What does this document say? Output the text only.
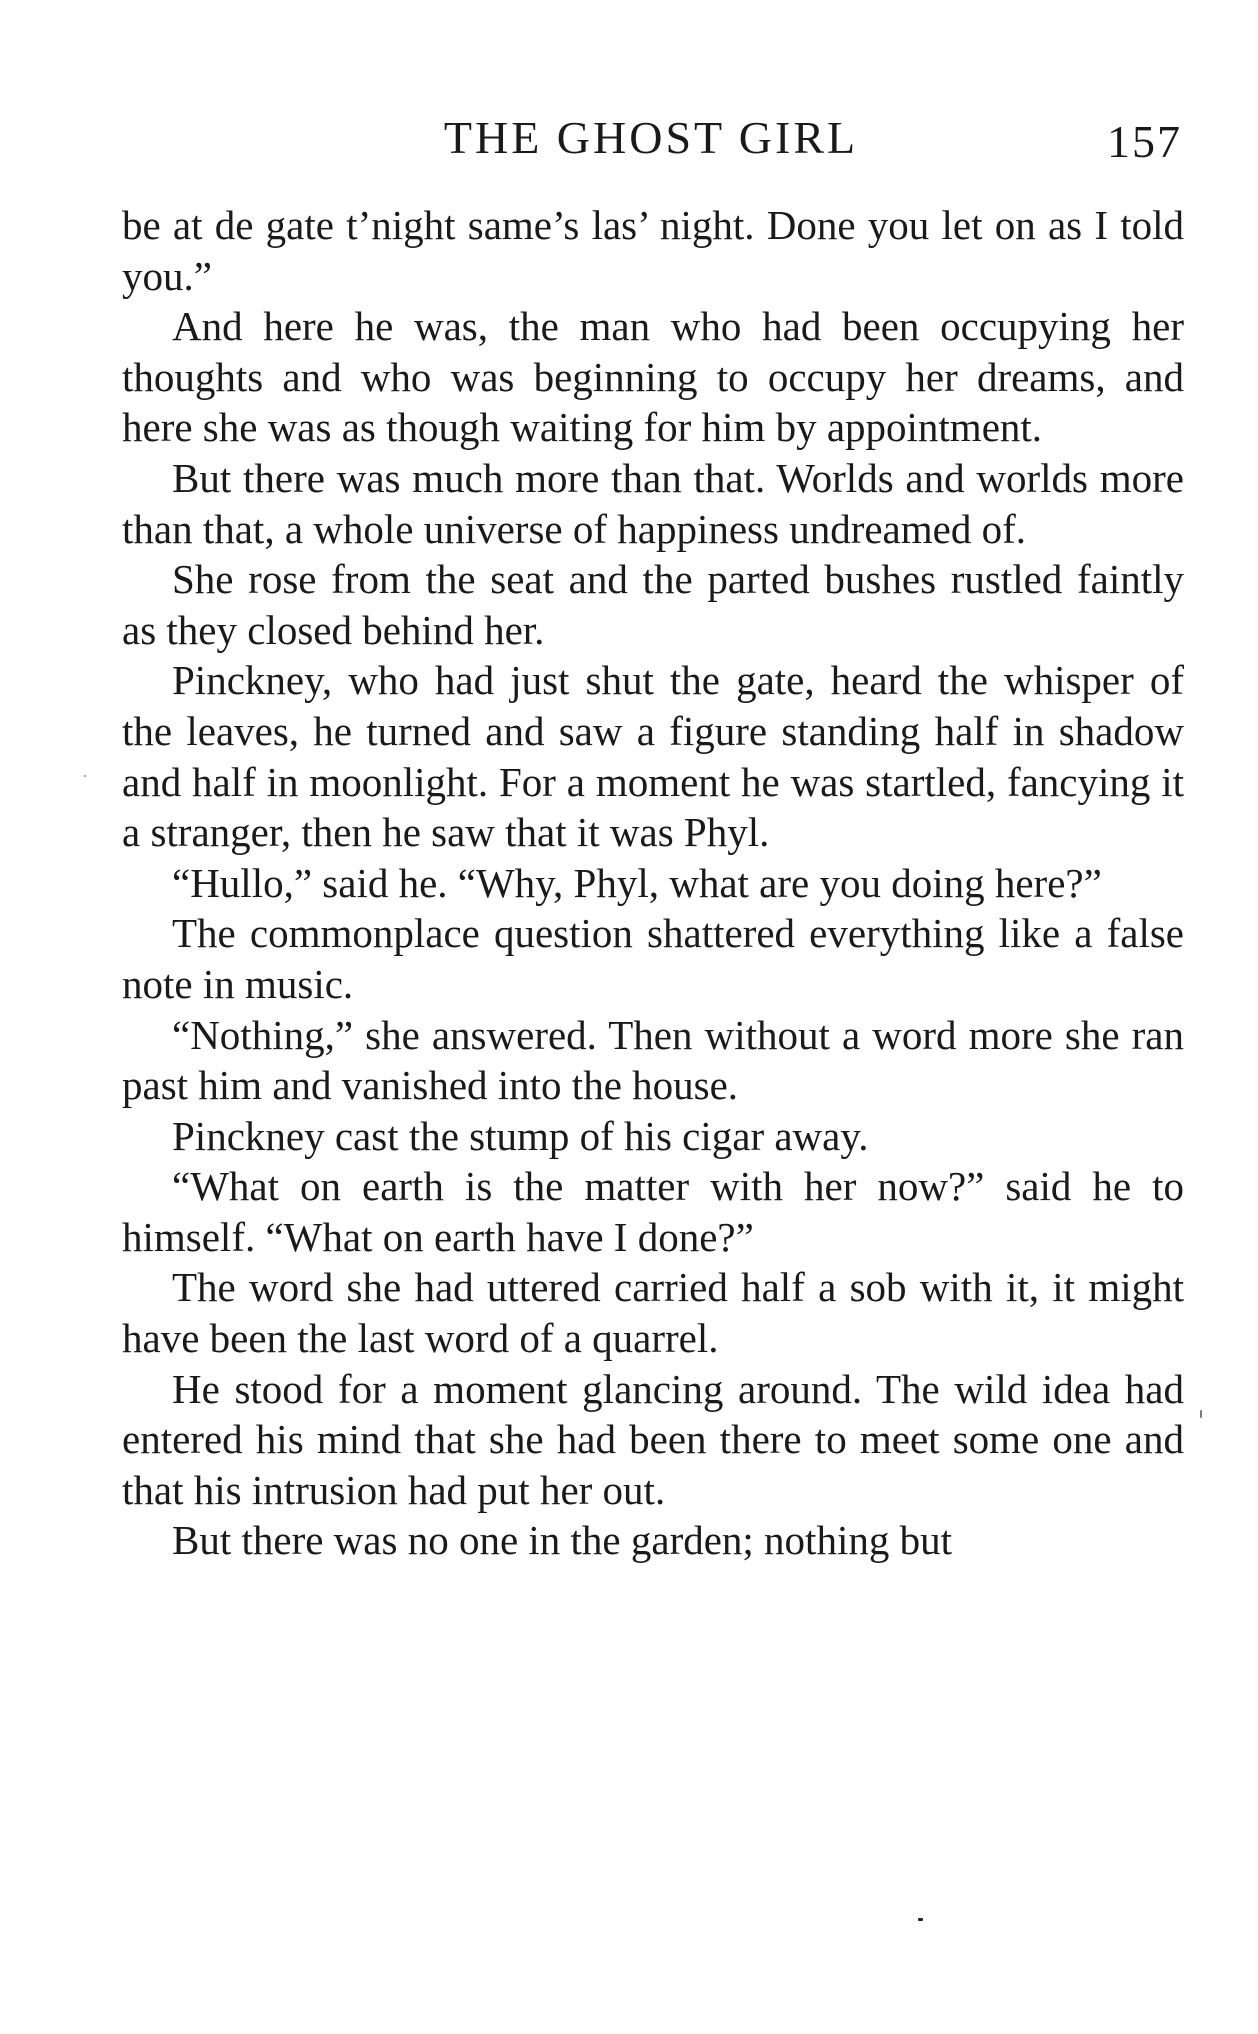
THE GHOST GIRL	157

be at de gate t’night same’s las’ night. Done you let on as I told you.”

And here he was, the man who had been occupying her thoughts and who was beginning to occupy her dreams, and here she was as though waiting for him by appointment.

But there was much more than that. Worlds and worlds more than that, a whole universe of happiness undreamed of.

She rose from the seat and the parted bushes rustled faintly as they closed behind her.

Pinckney, who had just shut the gate, heard the whisper of the leaves, he turned and saw a figure standing half in shadow and half in moonlight. For a moment he was startled, fancying it a stranger, then he saw that it was Phyl.

“Hullo,” said he. “Why, Phyl, what are you doing here?”

The commonplace question shattered everything like a false note in music.

“Nothing,” she answered. Then without a word more she ran past him and vanished into the house.

Pinckney cast the stump of his cigar away.

“What on earth is the matter with her now?” said he to himself. “What on earth have I done?”

The word she had uttered carried half a sob with it, it might have been the last word of a quarrel.

He stood for a moment glancing around. The wild idea had entered his mind that she had been there to meet some one and that his intrusion had put her out.

But there was no one in the garden; nothing but
